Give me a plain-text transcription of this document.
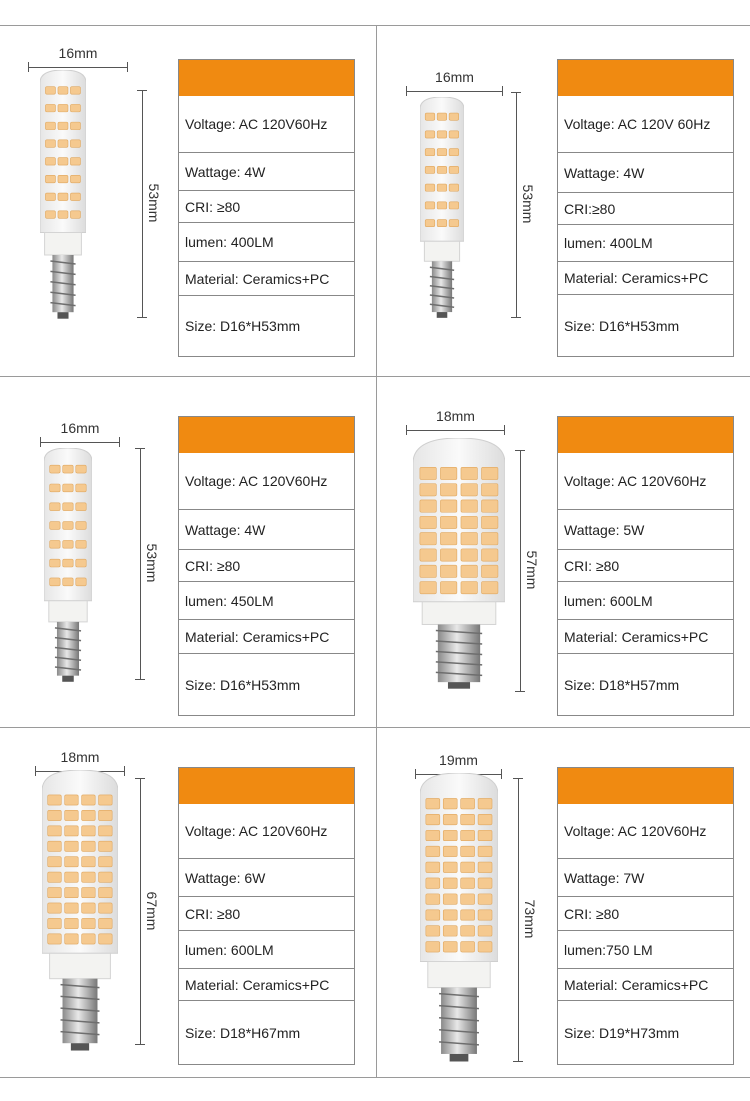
16mm
53mm
Voltage: AC 120V60Hz
Wattage: 4W
CRI: ≥80
lumen: 400LM
Material: Ceramics+PC
Size: D16*H53mm
16mm
53mm
Voltage: AC 120V 60Hz
Wattage: 4W
CRI:≥80
lumen: 400LM
Material: Ceramics+PC
Size: D16*H53mm
16mm
53mm
Voltage: AC 120V60Hz
Wattage: 4W
CRI: ≥80
lumen: 450LM
Material: Ceramics+PC
Size: D16*H53mm
18mm
57mm
Voltage: AC 120V60Hz
Wattage: 5W
CRI: ≥80
lumen: 600LM
Material: Ceramics+PC
Size: D18*H57mm
18mm
67mm
Voltage: AC 120V60Hz
Wattage: 6W
CRI: ≥80
lumen: 600LM
Material: Ceramics+PC
Size: D18*H67mm
19mm
73mm
Voltage: AC 120V60Hz
Wattage: 7W
CRI: ≥80
lumen:750 LM
Material: Ceramics+PC
Size: D19*H73mm
